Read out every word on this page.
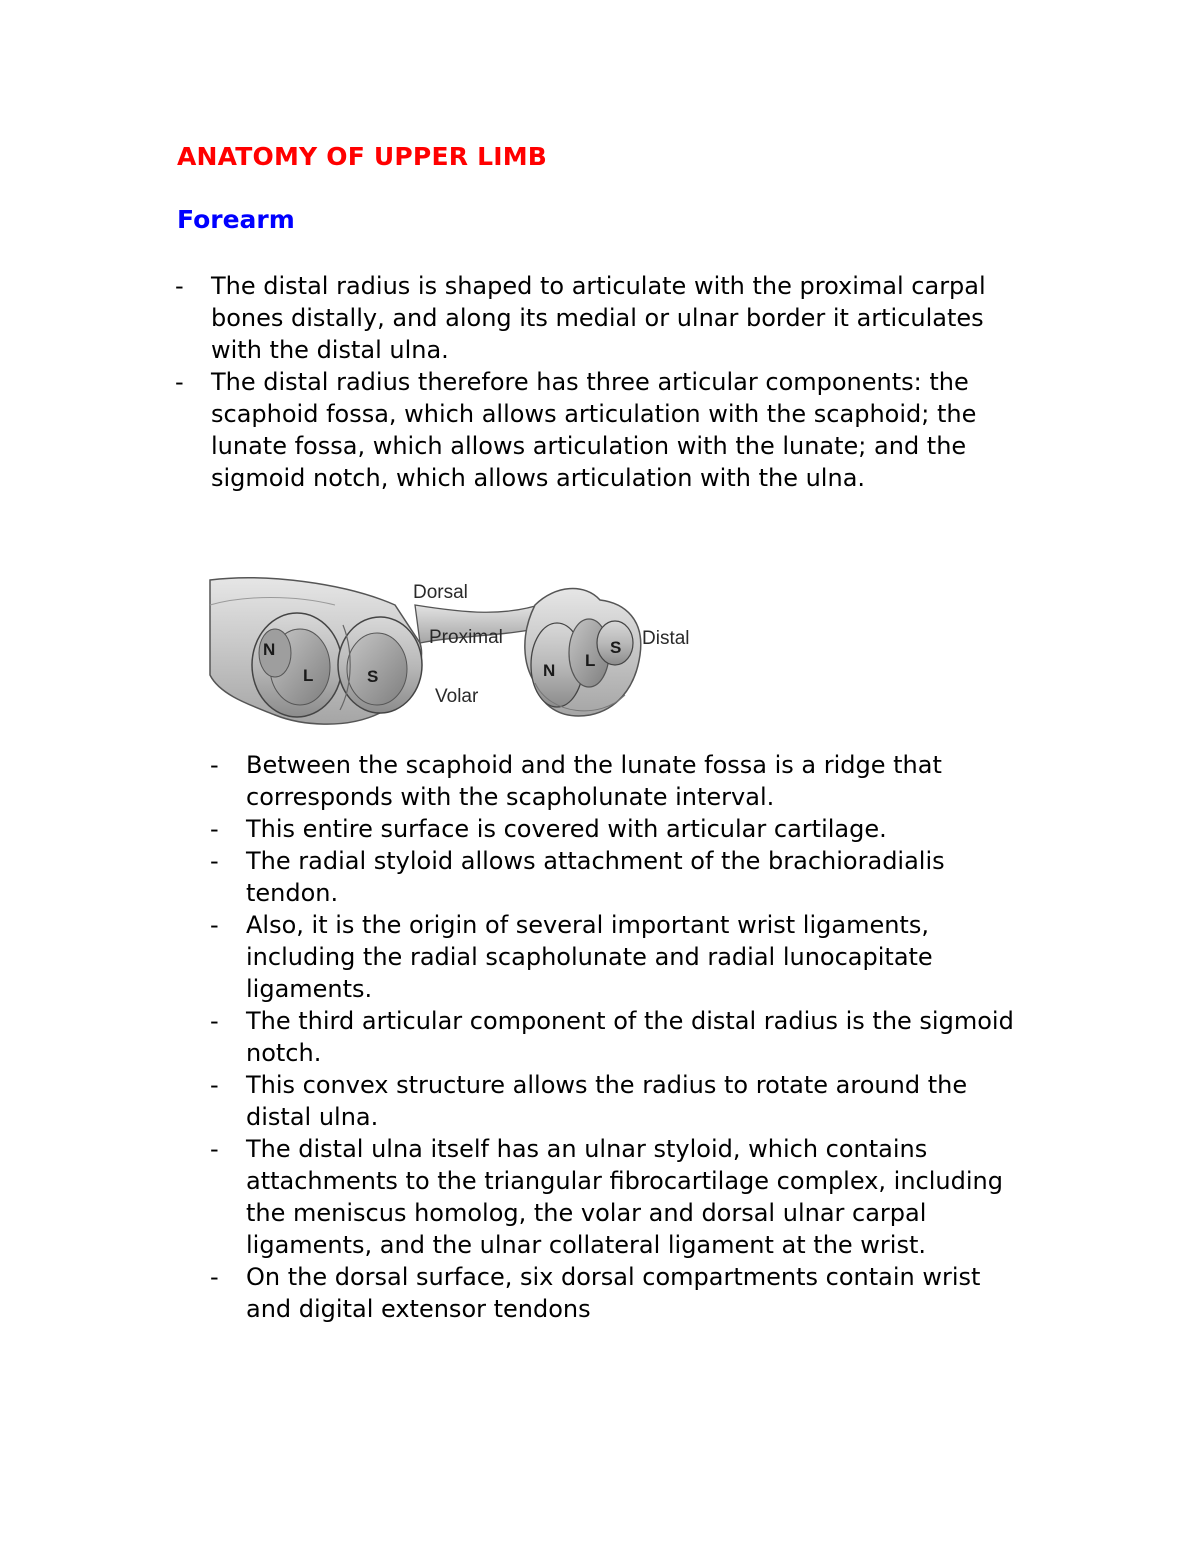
ANATOMY OF UPPER LIMB
Forearm
- The distal radius is shaped to articulate with the proximal carpal bones distally, and along its medial or ulnar border it articulates with the distal ulna.
- The distal radius therefore has three articular components: the scaphoid fossa, which allows articulation with the scaphoid; the lunate fossa, which allows articulation with the lunate; and the sigmoid notch, which allows articulation with the ulna.
N
L	S	N
L
S
Dorsal
Proximal	Distal
Volar
- Between the scaphoid and the lunate fossa is a ridge that corresponds with the scapholunate interval.
- This entire surface is covered with articular cartilage.
- The radial styloid allows attachment of the brachioradialis tendon.
- Also, it is the origin of several important wrist ligaments, including the radial scapholunate and radial lunocapitate ligaments.
- The third articular component of the distal radius is the sigmoid notch.
- This convex structure allows the radius to rotate around the distal ulna.
- The distal ulna itself has an ulnar styloid, which contains attachments to the triangular fibrocartilage complex, including the meniscus homolog, the volar and dorsal ulnar carpal ligaments, and the ulnar collateral ligament at the wrist.
- On the dorsal surface, six dorsal compartments contain wrist and digital extensor tendons
